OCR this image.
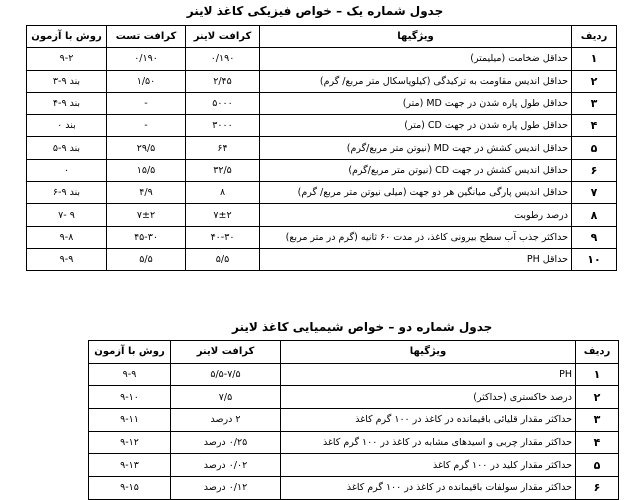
جدول شماره یک – خواص فیزیکی کاغذ لاینر
ردیف	ویژگیها	کرافت لاینر	کرافت تست	روش با آزمون
۱	حداقل ضخامت (میلیمتر)	۰/۱۹۰	۰/۱۹۰	۹-۲
۲	حداقل اندیس مقاومت به ترکیدگی (کیلوپاسکال متر مربع/ گرم)	۲/۴۵	۱/۵۰	بند ۹-۳
۳	حداقل طول پاره شدن در جهت MD (متر)	۵۰۰۰	-	بند ۹-۴
۴	حداقل طول پاره شدن در جهت CD (متر)	۳۰۰۰	-	بند ۰
۵	حداقل اندیس کشش در جهت MD (نیوتن متر مربع/گرم)	۶۴	۲۹/۵	بند ۹-۵
۶	حداقل اندیس کشش در جهت CD (نیوتن متر مربع/گرم)	۳۲/۵	۱۵/۵	۰
۷	حداقل اندیس پارگی میانگین هر دو جهت (میلی نیوتن متر مربع/ گرم)	۸	۴/۹	بند ۹-۶
۸	درصد رطوبت	۷±۲	۷±۲	۹ -۷
۹	حداکثر جذب آب سطح بیرونی کاغذ، در مدت ۶۰ ثانیه (گرم در متر مربع)	۴۰-۳۰	۴۵-۳۰	۹-۸
۱۰	حداقل PH	۵/۵	۵/۵	۹-۹
جدول شماره دو – خواص شیمیایی کاغذ لاینر
ردیف	ویژگیها	کرافت لاینر	روش با آزمون
۱	PH	۵/۵-۷/۵	۹-۹
۲	درصد خاکستری (حداکثر)	۷/۵	۹-۱۰
۳	حداکثر مقدار قلیائی باقیمانده در کاغذ در ۱۰۰ گرم کاغذ	۲ درصد	۹-۱۱
۴	حداکثر مقدار چربی و اسیدهای مشابه در کاغذ در ۱۰۰ گرم کاغذ	۰/۲۵ درصد	۹-۱۲
۵	حداکثر مقدار کلید در ۱۰۰ گرم کاغذ	۰/۰۲ درصد	۹-۱۳
۶	حداکثر مقدار سولفات باقیمانده در کاغذ در ۱۰۰ گرم کاغذ	۰/۱۲ درصد	۹-۱۵
